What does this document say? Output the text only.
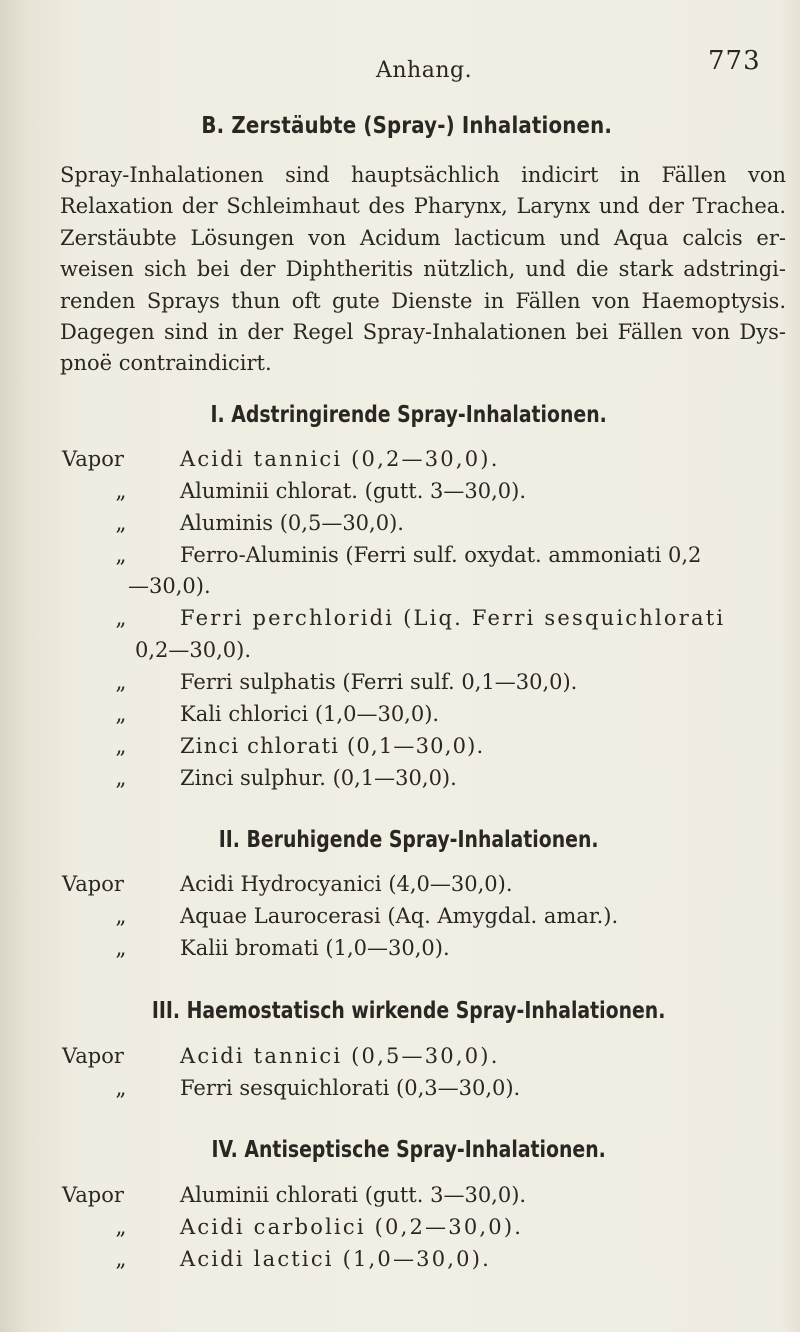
Anhang.	773
B. Zerstäubte (Spray-) Inhalationen.
Spray-Inhalationen sind hauptsächlich indicirt in Fällen von
Relaxation der Schleimhaut des Pharynx, Larynx und der Trachea.
Zerstäubte Lösungen von Acidum lacticum und Aqua calcis er-
weisen sich bei der Diphtheritis nützlich, und die stark adstringi-
renden Sprays thun oft gute Dienste in Fällen von Haemoptysis.
Dagegen sind in der Regel Spray-Inhalationen bei Fällen von Dys-
pnoë contraindicirt.
I. Adstringirende Spray-Inhalationen.
Vapor	Acidi tannici (0,2—30,0).
„	Aluminii chlorat. (gutt. 3—30,0).
„	Aluminis (0,5—30,0).
„	Ferro-Aluminis (Ferri sulf. oxydat. ammoniati 0,2
—30,0).
„	Ferri perchloridi (Liq. Ferri sesquichlorati
0,2—30,0).
„	Ferri sulphatis (Ferri sulf. 0,1—30,0).
„	Kali chlorici (1,0—30,0).
„	Zinci chlorati (0,1—30,0).
„	Zinci sulphur. (0,1—30,0).
II. Beruhigende Spray-Inhalationen.
Vapor	Acidi Hydrocyanici (4,0—30,0).
„	Aquae Laurocerasi (Aq. Amygdal. amar.).
„	Kalii bromati (1,0—30,0).
III. Haemostatisch wirkende Spray-Inhalationen.
Vapor	Acidi tannici (0,5—30,0).
„	Ferri sesquichlorati (0,3—30,0).
IV. Antiseptische Spray-Inhalationen.
Vapor	Aluminii chlorati (gutt. 3—30,0).
„	Acidi carbolici (0,2—30,0).
„	Acidi lactici (1,0—30,0).
